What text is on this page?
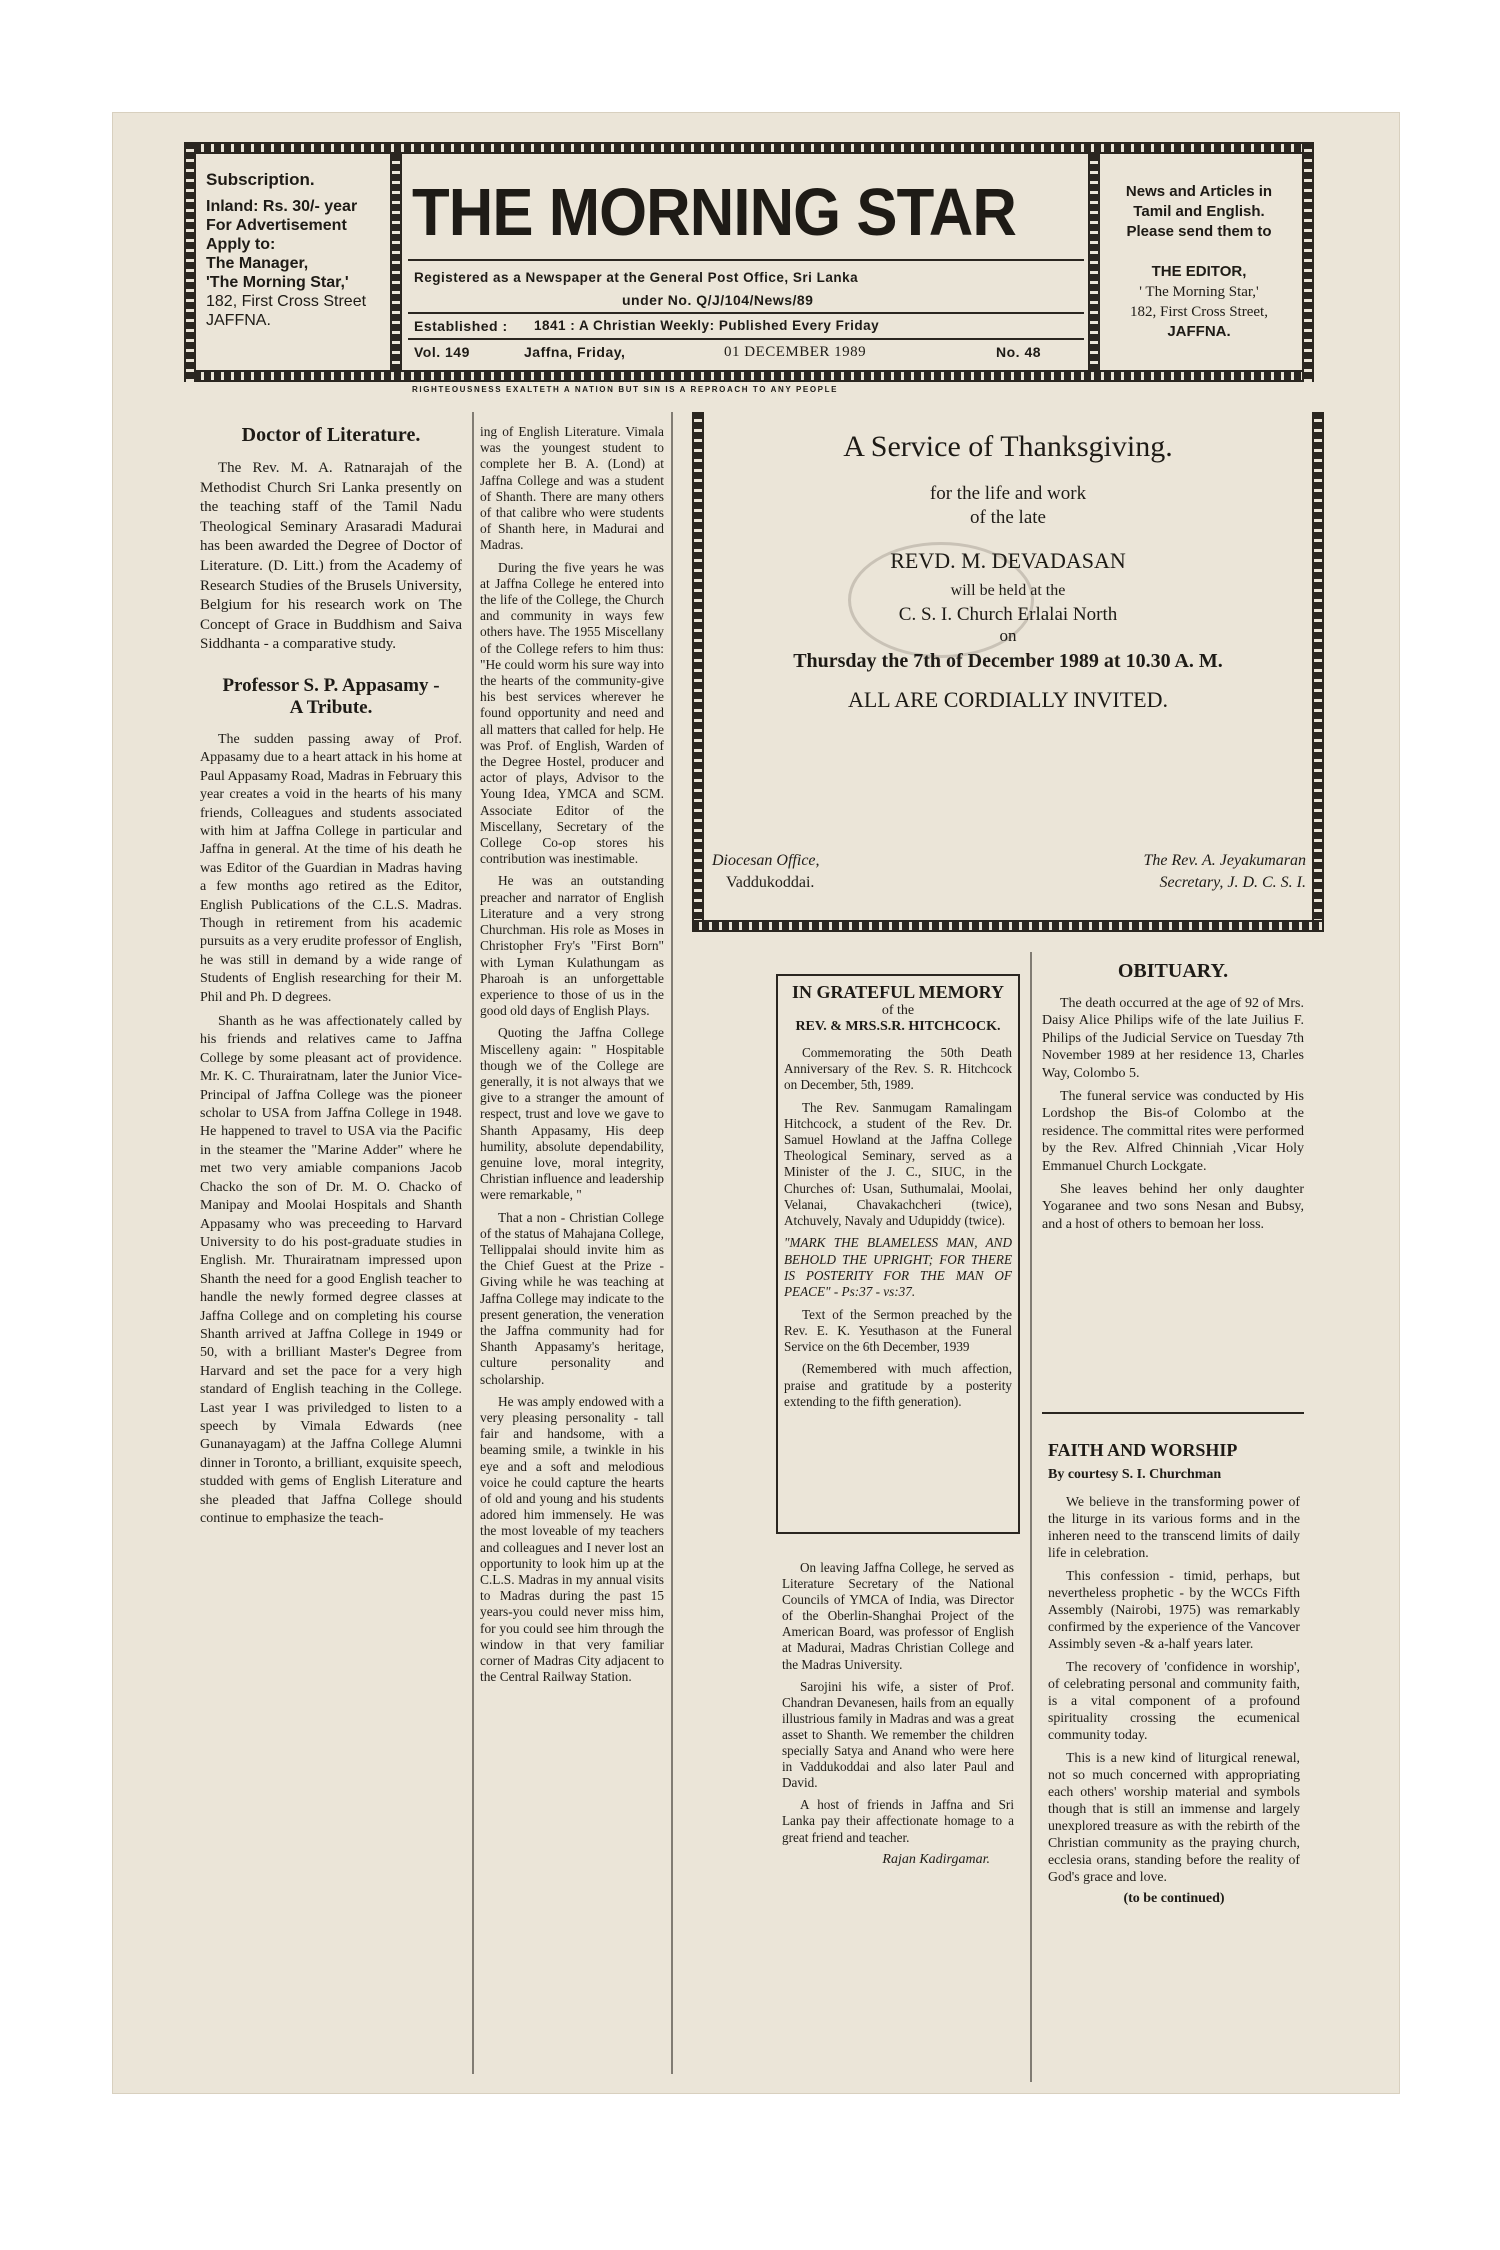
Subscription.
Inland: Rs. 30/- year
For Advertisement
Apply to:
The Manager,
'The Morning Star,'
182, First Cross Street
JAFFNA.
THE MORNING STAR
Registered as a Newspaper at the General Post Office, Sri Lanka
under No. Q/J/104/News/89
Established : 1841 : A Christian Weekly: Published Every Friday
Vol. 149	Jaffna, Friday,	01 DECEMBER 1989	No. 48
RIGHTEOUSNESS EXALTETH A NATION BUT SIN IS A REPROACH TO ANY PEOPLE
News and Articles in
Tamil and English.
Please send them to
THE EDITOR,
' The Morning Star,'
182, First Cross Street,
JAFFNA.
Doctor of Literature.

The Rev. M. A. Ratnarajah of the Methodist Church Sri Lanka presently on the teaching staff of the Tamil Nadu Theological Seminary Arasaradi Madurai has been awarded the Degree of Doctor of Literature. (D. Litt.) from the Academy of Research Studies of the Brusels University, Belgium for his research work on The Concept of Grace in Buddhism and Saiva Siddhanta - a comparative study.

Professor S. P. Appasamy -
A Tribute.

The sudden passing away of Prof. Appasamy due to a heart attack in his home at Paul Appasamy Road, Madras in February this year creates a void in the hearts of his many friends, Colleagues and students associated with him at Jaffna College in particular and Jaffna in general. At the time of his death he was Editor of the Guardian in Madras having a few months ago retired as the Editor, English Publications of the C.L.S. Madras. Though in retirement from his academic pursuits as a very erudite professor of English, he was still in demand by a wide range of Students of English researching for their M. Phil and Ph. D degrees.

Shanth as he was affectionately called by his friends and relatives came to Jaffna College by some pleasant act of providence. Mr. K. C. Thurairatnam, later the Junior Vice-Principal of Jaffna College was the pioneer scholar to USA from Jaffna College in 1948. He happened to travel to USA via the Pacific in the steamer the "Marine Adder" where he met two very amiable companions Jacob Chacko the son of Dr. M. O. Chacko of Manipay and Moolai Hospitals and Shanth Appasamy who was preceeding to Harvard University to do his post-graduate studies in English. Mr. Thurairatnam impressed upon Shanth the need for a good English teacher to handle the newly formed degree classes at Jaffna College and on completing his course Shanth arrived at Jaffna College in 1949 or 50, with a brilliant Master's Degree from Harvard and set the pace for a very high standard of English teaching in the College. Last year I was priviledged to listen to a speech by Vimala Edwards (nee Gunanayagam) at the Jaffna College Alumni dinner in Toronto, a brilliant, exquisite speech, studded with gems of English Literature and she pleaded that Jaffna College should continue to emphasize the teach-

ing of English Literature. Vimala was the youngest student to complete her B. A. (Lond) at Jaffna College and was a student of Shanth. There are many others of that calibre who were students of Shanth here, in Madurai and Madras.

During the five years he was at Jaffna College he entered into the life of the College, the Church and community in ways few others have. The 1955 Miscellany of the College refers to him thus: "He could worm his sure way into the hearts of the community-give his best services wherever he found opportunity and need and all matters that called for help. He was Prof. of English, Warden of the Degree Hostel, producer and actor of plays, Advisor to the Young Idea, YMCA and SCM. Associate Editor of the Miscellany, Secretary of the College Co-op stores his contribution was inestimable.

He was an outstanding preacher and narrator of English Literature and a very strong Churchman. His role as Moses in Christopher Fry's "First Born" with Lyman Kulathungam as Pharoah is an unforgettable experience to those of us in the good old days of English Plays.

Quoting the Jaffna College Miscelleny again: " Hospitable though we of the College are generally, it is not always that we give to a stranger the amount of respect, trust and love we gave to Shanth Appasamy, His deep humility, absolute dependability, genuine love, moral integrity, Christian influence and leadership were remarkable, "

That a non - Christian College of the status of Mahajana College, Tellippalai should invite him as the Chief Guest at the Prize - Giving while he was teaching at Jaffna College may indicate to the present generation, the veneration the Jaffna community had for Shanth Appasamy's heritage, culture personality and scholarship.

He was amply endowed with a very pleasing personality - tall fair and handsome, with a beaming smile, a twinkle in his eye and a soft and melodious voice he could capture the hearts of old and young and his students adored him immensely. He was the most loveable of my teachers and colleagues and I never lost an opportunity to look him up at the C.L.S. Madras in my annual visits to Madras during the past 15 years-you could never miss him, for you could see him through the window in that very familiar corner of Madras City adjacent to the Central Railway Station.

A Service of Thanksgiving.
for the life and work
of the late
REVD. M. DEVADASAN
will be held at the
C. S. I. Church Erlalai North
on
Thursday the 7th of December 1989 at 10.30 A. M.
ALL ARE CORDIALLY INVITED.
Diocesan Office,
Vaddukoddai.
The Rev. A. Jeyakumaran
Secretary, J. D. C. S. I.
IN GRATEFUL MEMORY
of the
REV. & MRS.S.R. HITCHCOCK.

Commemorating the 50th Death Anniversary of the Rev. S. R. Hitchcock on December, 5th, 1989.

The Rev. Sanmugam Ramalingam Hitchcock, a student of the Rev. Dr. Samuel Howland at the Jaffna College Theological Seminary, served as a Minister of the J. C., SIUC, in the Churches of: Usan, Suthumalai, Moolai, Velanai, Chavakachcheri (twice), Atchuvely, Navaly and Udupiddy (twice).

"MARK THE BLAMELESS MAN, AND BEHOLD THE UPRIGHT; FOR THERE IS POSTERITY FOR THE MAN OF PEACE" - Ps:37 - vs:37.

Text of the Sermon preached by the Rev. E. K. Yesuthason at the Funeral Service on the 6th December, 1939

(Remembered with much affection, praise and gratitude by a posterity extending to the fifth generation).

On leaving Jaffna College, he served as Literature Secretary of the National Councils of YMCA of India, was Director of the Oberlin-Shanghai Project of the American Board, was professor of English at Madurai, Madras Christian College and the Madras University.

Sarojini his wife, a sister of Prof. Chandran Devanesen, hails from an equally illustrious family in Madras and was a great asset to Shanth. We remember the children specially Satya and Anand who were here in Vaddukoddai and also later Paul and David.

A host of friends in Jaffna and Sri Lanka pay their affectionate homage to a great friend and teacher.

Rajan Kadirgamar.
OBITUARY.

The death occurred at the age of 92 of Mrs. Daisy Alice Philips wife of the late Juilius F. Philips of the Judicial Service on Tuesday 7th November 1989 at her residence 13, Charles Way, Colombo 5.

The funeral service was conducted by His Lordshop the Bis-of Colombo at the residence. The committal rites were performed by the Rev. Alfred Chinniah ,Vicar Holy Emmanuel Church Lockgate.

She leaves behind her only daughter Yogaranee and two sons Nesan and Bubsy, and a host of others to bemoan her loss.

FAITH AND WORSHIP
By courtesy S. I. Churchman

We believe in the transforming power of the liturge in its various forms and in the inheren need to the transcend limits of daily life in celebration.

This confession - timid, perhaps, but nevertheless prophetic - by the WCCs Fifth Assembly (Nairobi, 1975) was remarkably confirmed by the experience of the Vancover Assimbly seven -& a-half years later.

The recovery of 'confidence in worship', of celebrating personal and community faith, is a vital component of a profound spirituality crossing the ecumenical community today.

This is a new kind of liturgical renewal, not so much concerned with appropriating each others' worship material and symbols though that is still an immense and largely unexplored treasure as with the rebirth of the Christian community as the praying church, ecclesia orans, standing before the reality of God's grace and love.

(to be continued)
